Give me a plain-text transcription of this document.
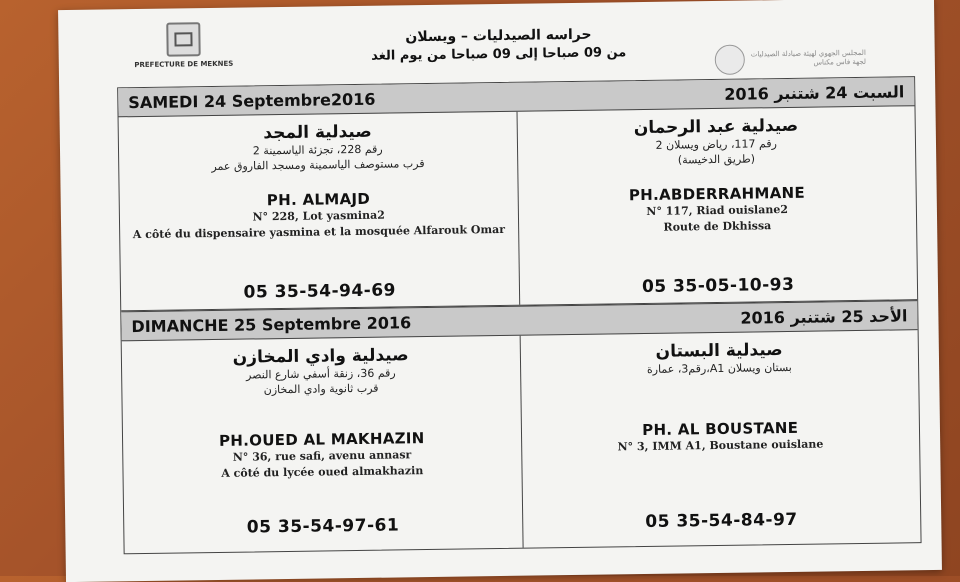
PREFECTURE DE MEKNES
حراسه الصيدليات – ويسلان
من 09 صباحا إلى 09 صباحا من يوم الغد	المجلس الجهوي لهيئة صيادلة الصيدليات
لجهة فاس مكناس
SAMEDI 24 Septembre2016	السبت 24 شتنبر 2016
صيدلية المجد
رقم 228، تجزئة الياسمينة 2
قرب مستوصف الياسمينة ومسجد الفاروق عمر
PH. ALMAJD
N° 228, Lot yasmina2
A côté du dispensaire yasmina et la mosquée Alfarouk Omar
05 35-54-94-69
صيدلية عبد الرحمان
رقم 117، رياض ويسلان 2
(طريق الدخيسة)
PH.ABDERRAHMANE
N° 117, Riad ouislane2
Route de Dkhissa
05 35-05-10-93
DIMANCHE 25 Septembre 2016	الأحد 25 شتنبر 2016
صيدلية وادي المخازن
رقم 36، زنقة أسفي شارع النصر
قرب ثانوية وادي المخازن
PH.OUED AL MAKHAZIN
N° 36, rue safi, avenu annasr
A côté du lycée oued almakhazin
05 35-54-97-61
صيدلية البستان
بستان ويسلان A1،رقم3، عمارة
PH. AL BOUSTANE
N° 3, IMM A1, Boustane ouislane
05 35-54-84-97
